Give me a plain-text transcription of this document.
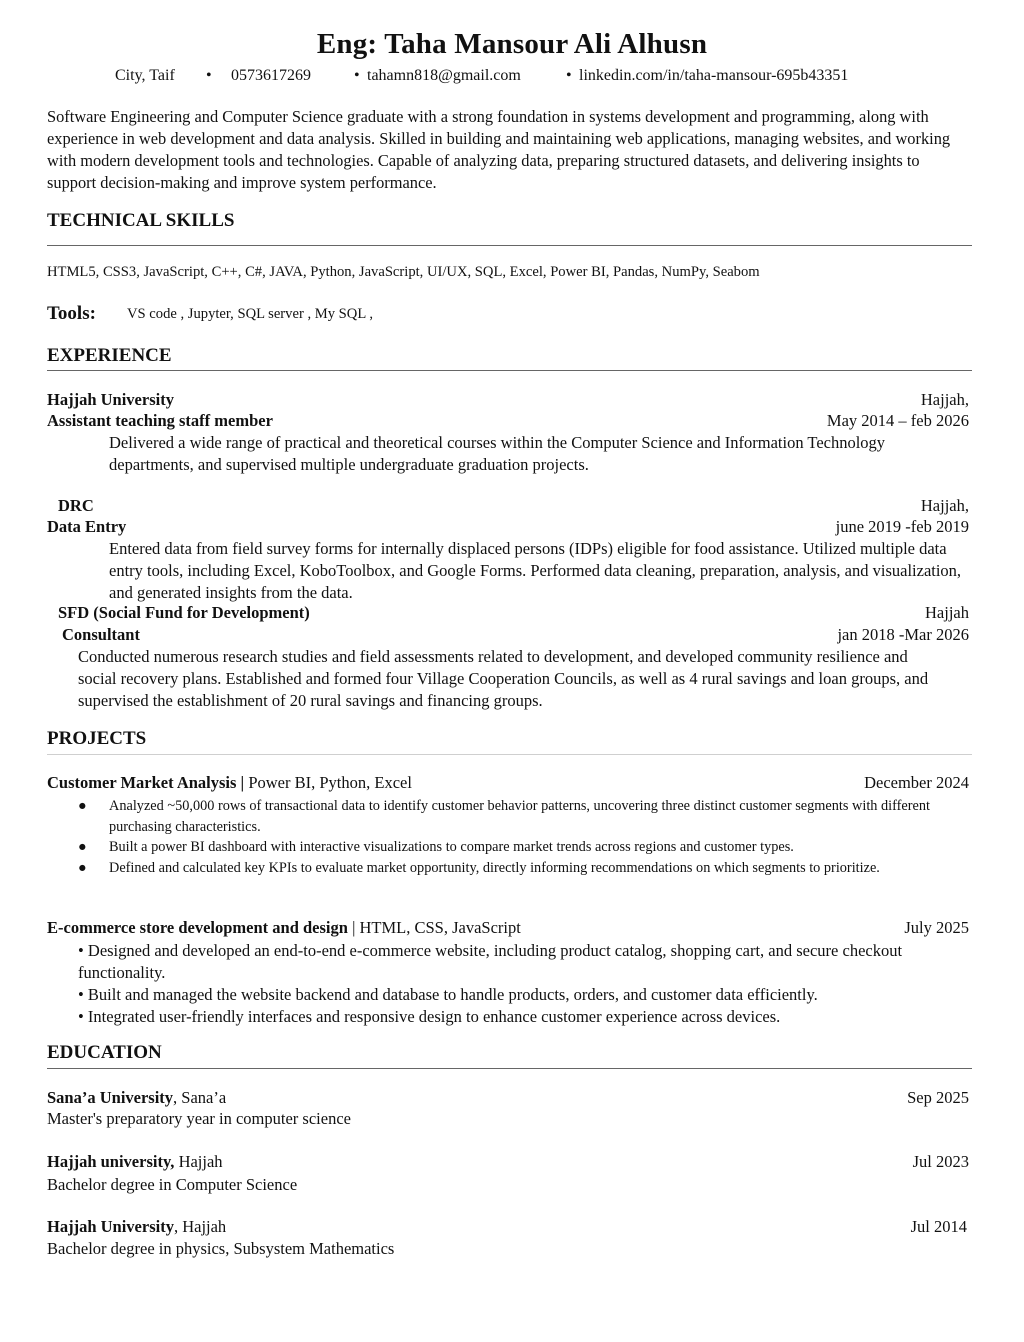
Eng: Taha Mansour Ali Alhusn
City, Taif • 0573617269	• tahamn818@gmail.com	• linkedin.com/in/taha-mansour-695b43351
Software Engineering and Computer Science graduate with a strong foundation in systems development and programming, along with experience in web development and data analysis. Skilled in building and maintaining web applications, managing websites, and working with modern development tools and technologies. Capable of analyzing data, preparing structured datasets, and delivering insights to support decision-making and improve system performance.
TECHNICAL SKILLS
HTML5, CSS3, JavaScript, C++, C#, JAVA, Python, JavaScript, UI/UX, SQL, Excel, Power BI, Pandas, NumPy, Seabom
Tools: VS code , Jupyter, SQL server , My SQL ,
EXPERIENCE
Hajjah University	Hajjah,
Assistant teaching staff member	May 2014 – feb 2026
Delivered a wide range of practical and theoretical courses within the Computer Science and Information Technology departments, and supervised multiple undergraduate graduation projects.
DRC	Hajjah,
Data Entry	june 2019 -feb 2019
Entered data from field survey forms for internally displaced persons (IDPs) eligible for food assistance. Utilized multiple data entry tools, including Excel, KoboToolbox, and Google Forms. Performed data cleaning, preparation, analysis, and visualization, and generated insights from the data.
SFD (Social Fund for Development)	Hajjah
Consultant	jan 2018 -Mar 2026
Conducted numerous research studies and field assessments related to development, and developed community resilience and social recovery plans. Established and formed four Village Cooperation Councils, as well as 4 rural savings and loan groups, and supervised the establishment of 20 rural savings and financing groups.
PROJECTS
Customer Market Analysis | Power BI, Python, Excel	December 2024

● Analyzed ~50,000 rows of transactional data to identify customer behavior patterns, uncovering three distinct customer segments with different purchasing characteristics.

● Built a power BI dashboard with interactive visualizations to compare market trends across regions and customer types.

● Defined and calculated key KPIs to evaluate market opportunity, directly informing recommendations on which segments to prioritize.

E-commerce store development and design | HTML, CSS, JavaScript	July 2025

• Designed and developed an end-to-end e-commerce website, including product catalog, shopping cart, and secure checkout functionality.

• Built and managed the website backend and database to handle products, orders, and customer data efficiently.

• Integrated user-friendly interfaces and responsive design to enhance customer experience across devices.

EDUCATION
Sana’a University, Sana’a	Sep 2025
Master's preparatory year in computer science
Hajjah university, Hajjah	Jul 2023
Bachelor degree in Computer Science
Hajjah University, Hajjah	Jul 2014
Bachelor degree in physics, Subsystem Mathematics
